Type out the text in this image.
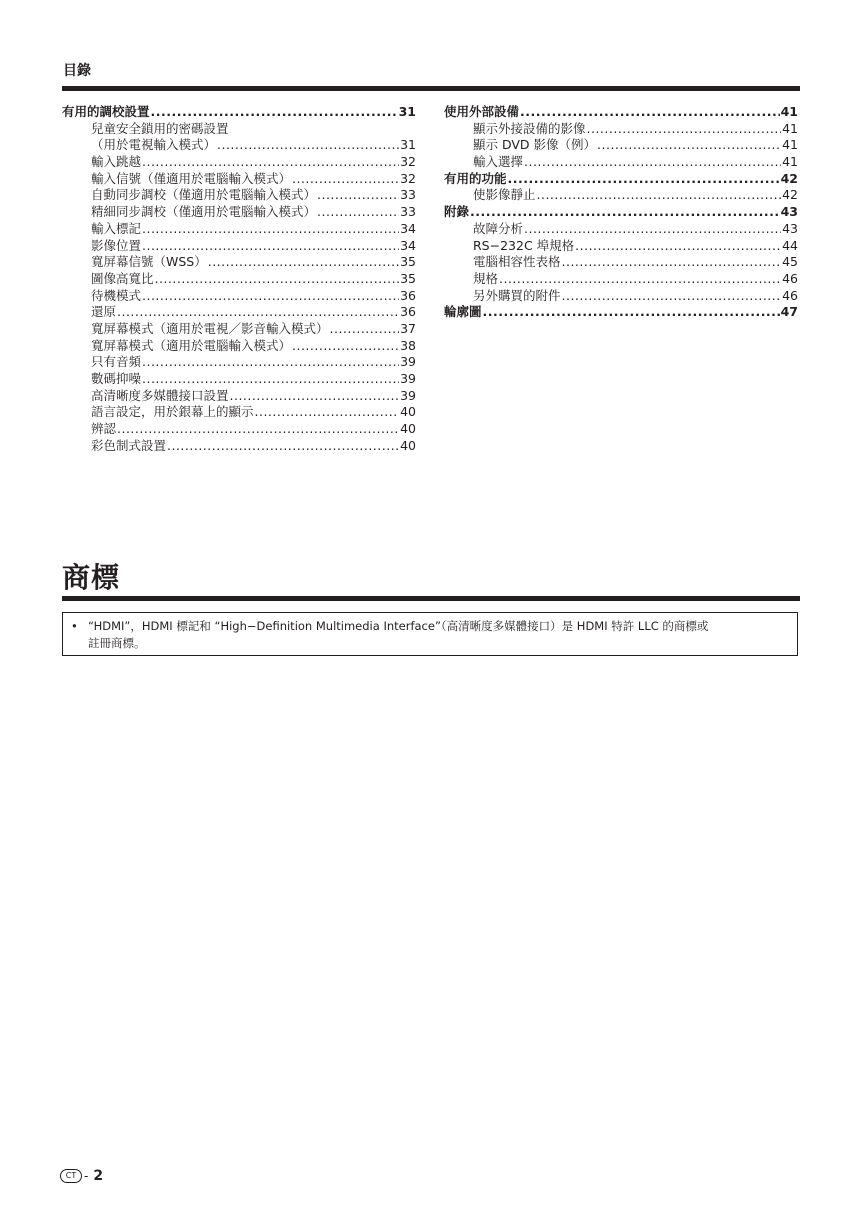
目錄
有用的調校設置 .....	31
兒童安全鎖用的密碼設置
（用於電視輸入模式） .....	31
輸入跳越 .....	32
輸入信號（僅適用於電腦輸入模式） .....	32
自動同步調校（僅適用於電腦輸入模式） .....	33
精細同步調校（僅適用於電腦輸入模式） .....	33
輸入標記 .....	34
影像位置 .....	34
寬屏幕信號（WSS） .....	35
圖像高寬比 .....	35
待機模式 .....	36
還原 .....	36
寬屏幕模式（適用於電視／影音輸入模式） .....	37
寬屏幕模式（適用於電腦輸入模式） .....	38
只有音頻 .....	39
數碼抑噪 .....	39
高清晰度多媒體接口設置 .....	39
語言設定，用於銀幕上的顯示 .....	40
辨認 .....	40
彩色制式設置 .....	40
使用外部設備 .....	41
顯示外接設備的影像 .....	41
顯示 DVD 影像（例） .....	41
輸入選擇 .....	41
有用的功能 .....	42
使影像靜止 .....	42
附錄 .....	43
故障分析 .....	43
RS−232C 埠規格 .....	44
電腦相容性表格 .....	45
規格 .....	46
另外購買的附件 .....	46
輪廓圖 .....	47
商標
• “HDMI”，HDMI 標記和 “High−Definition Multimedia Interface”（高清晰度多媒體接口）是 HDMI 特許 LLC 的商標或
註冊商標。
CT - 2
